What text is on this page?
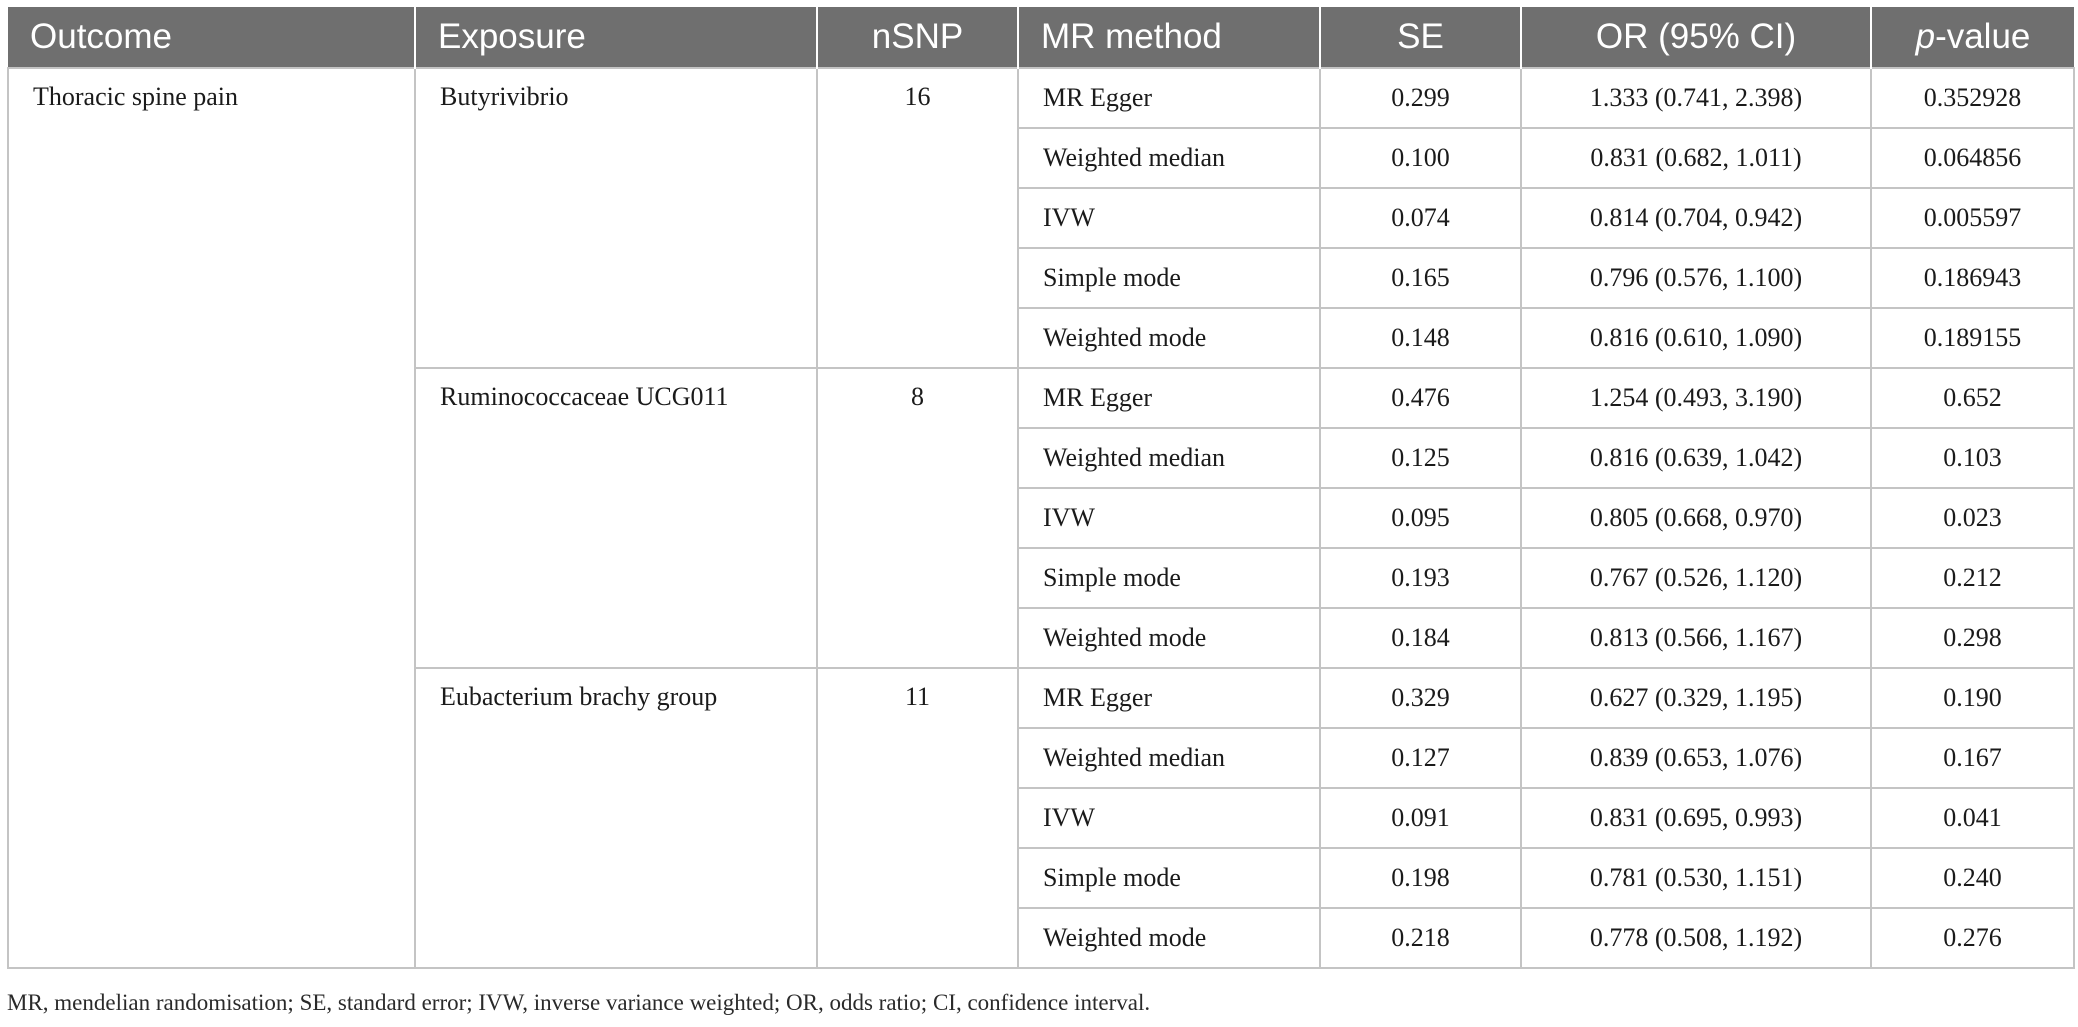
Outcome	Exposure	nSNP	MR method	SE	OR (95% CI)	p-value
Thoracic spine pain	Butyrivibrio	16	MR Egger	0.299	1.333 (0.741, 2.398)	0.352928
			Weighted median	0.100	0.831 (0.682, 1.011)	0.064856
			IVW	0.074	0.814 (0.704, 0.942)	0.005597
			Simple mode	0.165	0.796 (0.576, 1.100)	0.186943
			Weighted mode	0.148	0.816 (0.610, 1.090)	0.189155
	Ruminococcaceae UCG011	8	MR Egger	0.476	1.254 (0.493, 3.190)	0.652
			Weighted median	0.125	0.816 (0.639, 1.042)	0.103
			IVW	0.095	0.805 (0.668, 0.970)	0.023
			Simple mode	0.193	0.767 (0.526, 1.120)	0.212
			Weighted mode	0.184	0.813 (0.566, 1.167)	0.298
	Eubacterium brachy group	11	MR Egger	0.329	0.627 (0.329, 1.195)	0.190
			Weighted median	0.127	0.839 (0.653, 1.076)	0.167
			IVW	0.091	0.831 (0.695, 0.993)	0.041
			Simple mode	0.198	0.781 (0.530, 1.151)	0.240
			Weighted mode	0.218	0.778 (0.508, 1.192)	0.276
MR, mendelian randomisation; SE, standard error; IVW, inverse variance weighted; OR, odds ratio; CI, confidence interval.
